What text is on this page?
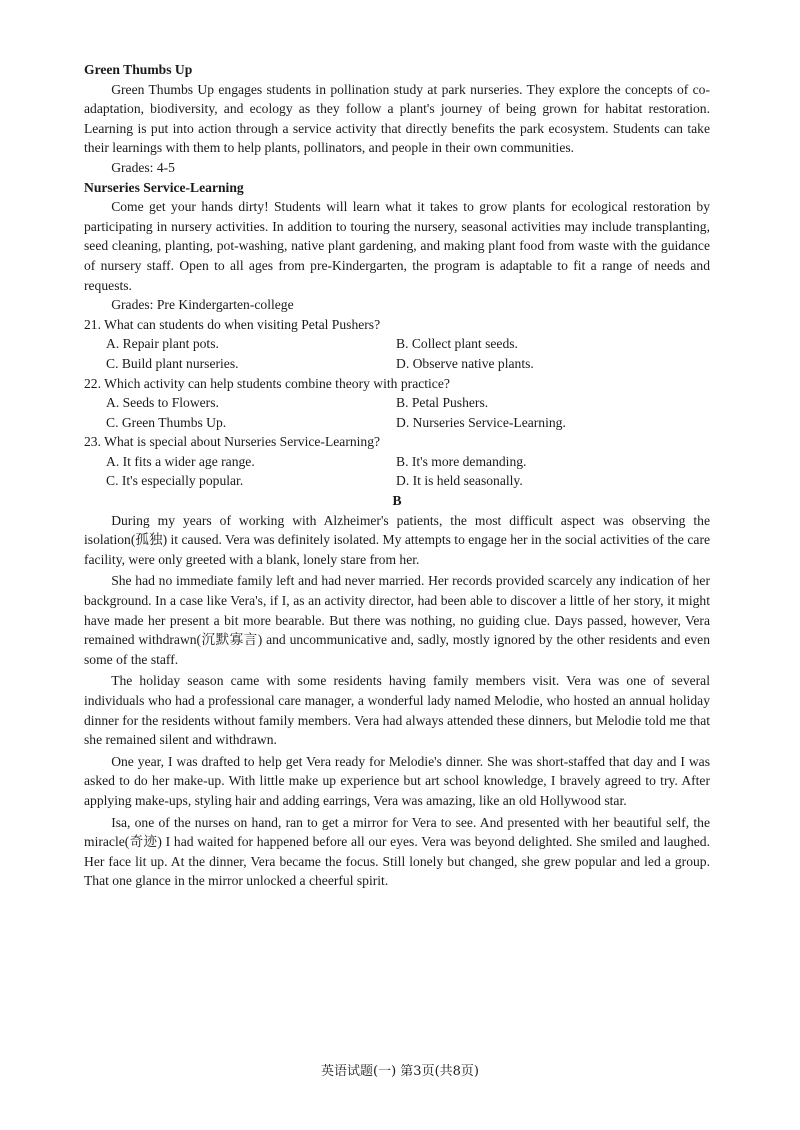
Green Thumbs Up

Green Thumbs Up engages students in pollination study at park nurseries. They explore the concepts of co-adaptation, biodiversity, and ecology as they follow a plant's journey of being grown for habitat restoration. Learning is put into action through a service activity that directly benefits the park ecosystem. Students can take their learnings with them to help plants, pollinators, and people in their own communities.

Grades: 4-5

Nurseries Service-Learning

Come get your hands dirty! Students will learn what it takes to grow plants for ecological restoration by participating in nursery activities. In addition to touring the nursery, seasonal activities may include transplanting, seed cleaning, planting, pot-washing, native plant gardening, and making plant food from waste with the guidance of nursery staff. Open to all ages from pre-Kindergarten, the program is adaptable to fit a range of needs and requests.

Grades: Pre Kindergarten-college

21. What can students do when visiting Petal Pushers?

A. Repair plant pots.	B. Collect plant seeds.
C. Build plant nurseries.	D. Observe native plants.

22. Which activity can help students combine theory with practice?

A. Seeds to Flowers.	B. Petal Pushers.
C. Green Thumbs Up.	D. Nurseries Service-Learning.

23. What is special about Nurseries Service-Learning?

A. It fits a wider age range.	B. It's more demanding.
C. It's especially popular.	D. It is held seasonally.

B

During my years of working with Alzheimer's patients, the most difficult aspect was observing the isolation(孤独) it caused. Vera was definitely isolated. My attempts to engage her in the social activities of the care facility, were only greeted with a blank, lonely stare from her.

She had no immediate family left and had never married. Her records provided scarcely any indication of her background. In a case like Vera's, if I, as an activity director, had been able to discover a little of her story, it might have made her present a bit more bearable. But there was nothing, no guiding clue. Days passed, however, Vera remained withdrawn(沉默寡言) and uncommunicative and, sadly, mostly ignored by the other residents and even some of the staff.

The holiday season came with some residents having family members visit. Vera was one of several individuals who had a professional care manager, a wonderful lady named Melodie, who hosted an annual holiday dinner for the residents without family members. Vera had always attended these dinners, but Melodie told me that she remained silent and withdrawn.

One year, I was drafted to help get Vera ready for Melodie's dinner. She was short-staffed that day and I was asked to do her make-up. With little make up experience but art school knowledge, I bravely agreed to try. After applying make-ups, styling hair and adding earrings, Vera was amazing, like an old Hollywood star.

Isa, one of the nurses on hand, ran to get a mirror for Vera to see. And presented with her beautiful self, the miracle(奇迹) I had waited for happened before all our eyes. Vera was beyond delighted. She smiled and laughed. Her face lit up. At the dinner, Vera became the focus. Still lonely but changed, she grew popular and led a group. That one glance in the mirror unlocked a cheerful spirit.

英语试题(一) 第3页(共8页)
